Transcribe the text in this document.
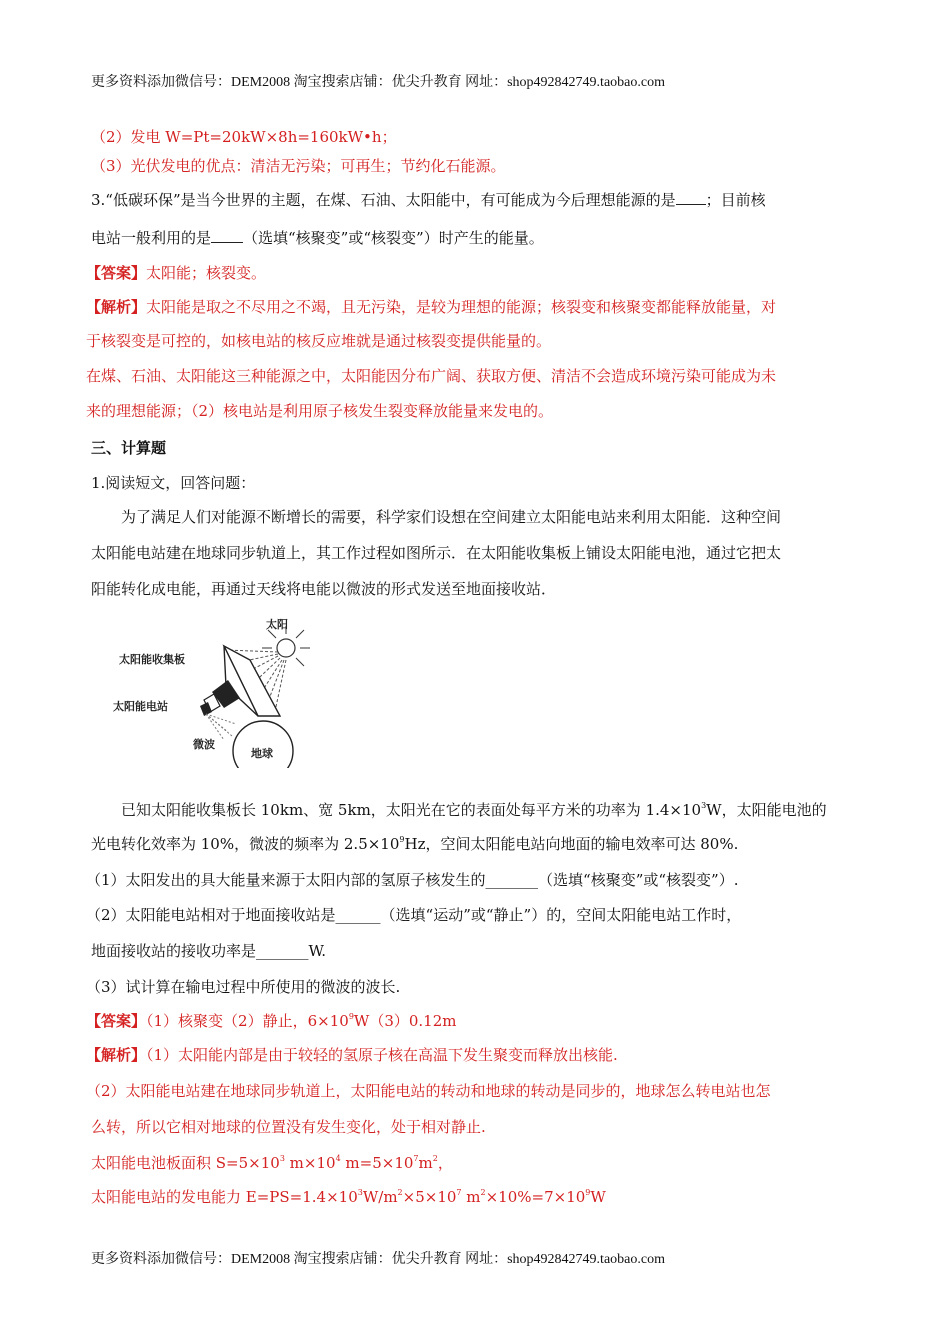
更多资料添加微信号：DEM2008 淘宝搜索店铺：优尖升教育 网址：shop492842749.taobao.com
（2）发电 W=Pt=20kW×8h=160kW•h；
（3）光伏发电的优点：清洁无污染；可再生；节约化石能源。
3.“低碳环保”是当今世界的主题，在煤、石油、太阳能中，有可能成为今后理想能源的是 ；目前核
电站一般利用的是 （选填“核聚变”或“核裂变”）时产生的能量。
【答案】太阳能；核裂变。
【解析】太阳能是取之不尽用之不竭，且无污染，是较为理想的能源；核裂变和核聚变都能释放能量，对
于核裂变是可控的，如核电站的核反应堆就是通过核裂变提供能量的。
在煤、石油、太阳能这三种能源之中，太阳能因分布广阔、获取方便、清洁不会造成环境污染可能成为未
来的理想能源；（2）核电站是利用原子核发生裂变释放能量来发电的。
三、计算题
1.阅读短文，回答问题：
为了满足人们对能源不断增长的需要，科学家们设想在空间建立太阳能电站来利用太阳能．这种空间
太阳能电站建在地球同步轨道上，其工作过程如图所示．在太阳能收集板上铺设太阳能电池，通过它把太
阳能转化成电能，再通过天线将电能以微波的形式发送至地面接收站．
太阳
太阳能收集板
太阳能电站
微波
地球
已知太阳能收集板长 10km、宽 5km，太阳光在它的表面处每平方米的功率为 $1.4\times 10^3W$，太阳能电池的
光电转化效率为 10%，微波的频率为 $2.5\times 10^9Hz$，空间太阳能电站向地面的输电效率可达 80%.
（1）太阳发出的具大能量来源于太阳内部的氢原子核发生的_______（选填“核聚变”或“核裂变”）.
（2）太阳能电站相对于地面接收站是______（选填“运动”或“静止”）的，空间太阳能电站工作时，
地面接收站的接收功率是_______W.
（3）试计算在输电过程中所使用的微波的波长.
【答案】（1）核聚变（2）静止，$6\times 10^9W(3)0.12m$
【解析】（1）太阳能内部是由于较轻的氢原子核在高温下发生聚变而释放出核能.
（2）太阳能电站建在地球同步轨道上，太阳能电站的转动和地球的转动是同步的，地球怎么转电站也怎
么转，所以它相对地球的位置没有发生变化，处于相对静止.
太阳能电池板面积 $S=5\times 10^3$ $m\times 10^4$ $m=5\times 10^7m^2$，
太阳能电站的发电能力 $E=PS=1.4\times 10^3W/m^2\times 5\times 10^7$ $m^2\times 10\%=7\times 10^9W$
更多资料添加微信号：DEM2008 淘宝搜索店铺：优尖升教育 网址：shop492842749.taobao.com
